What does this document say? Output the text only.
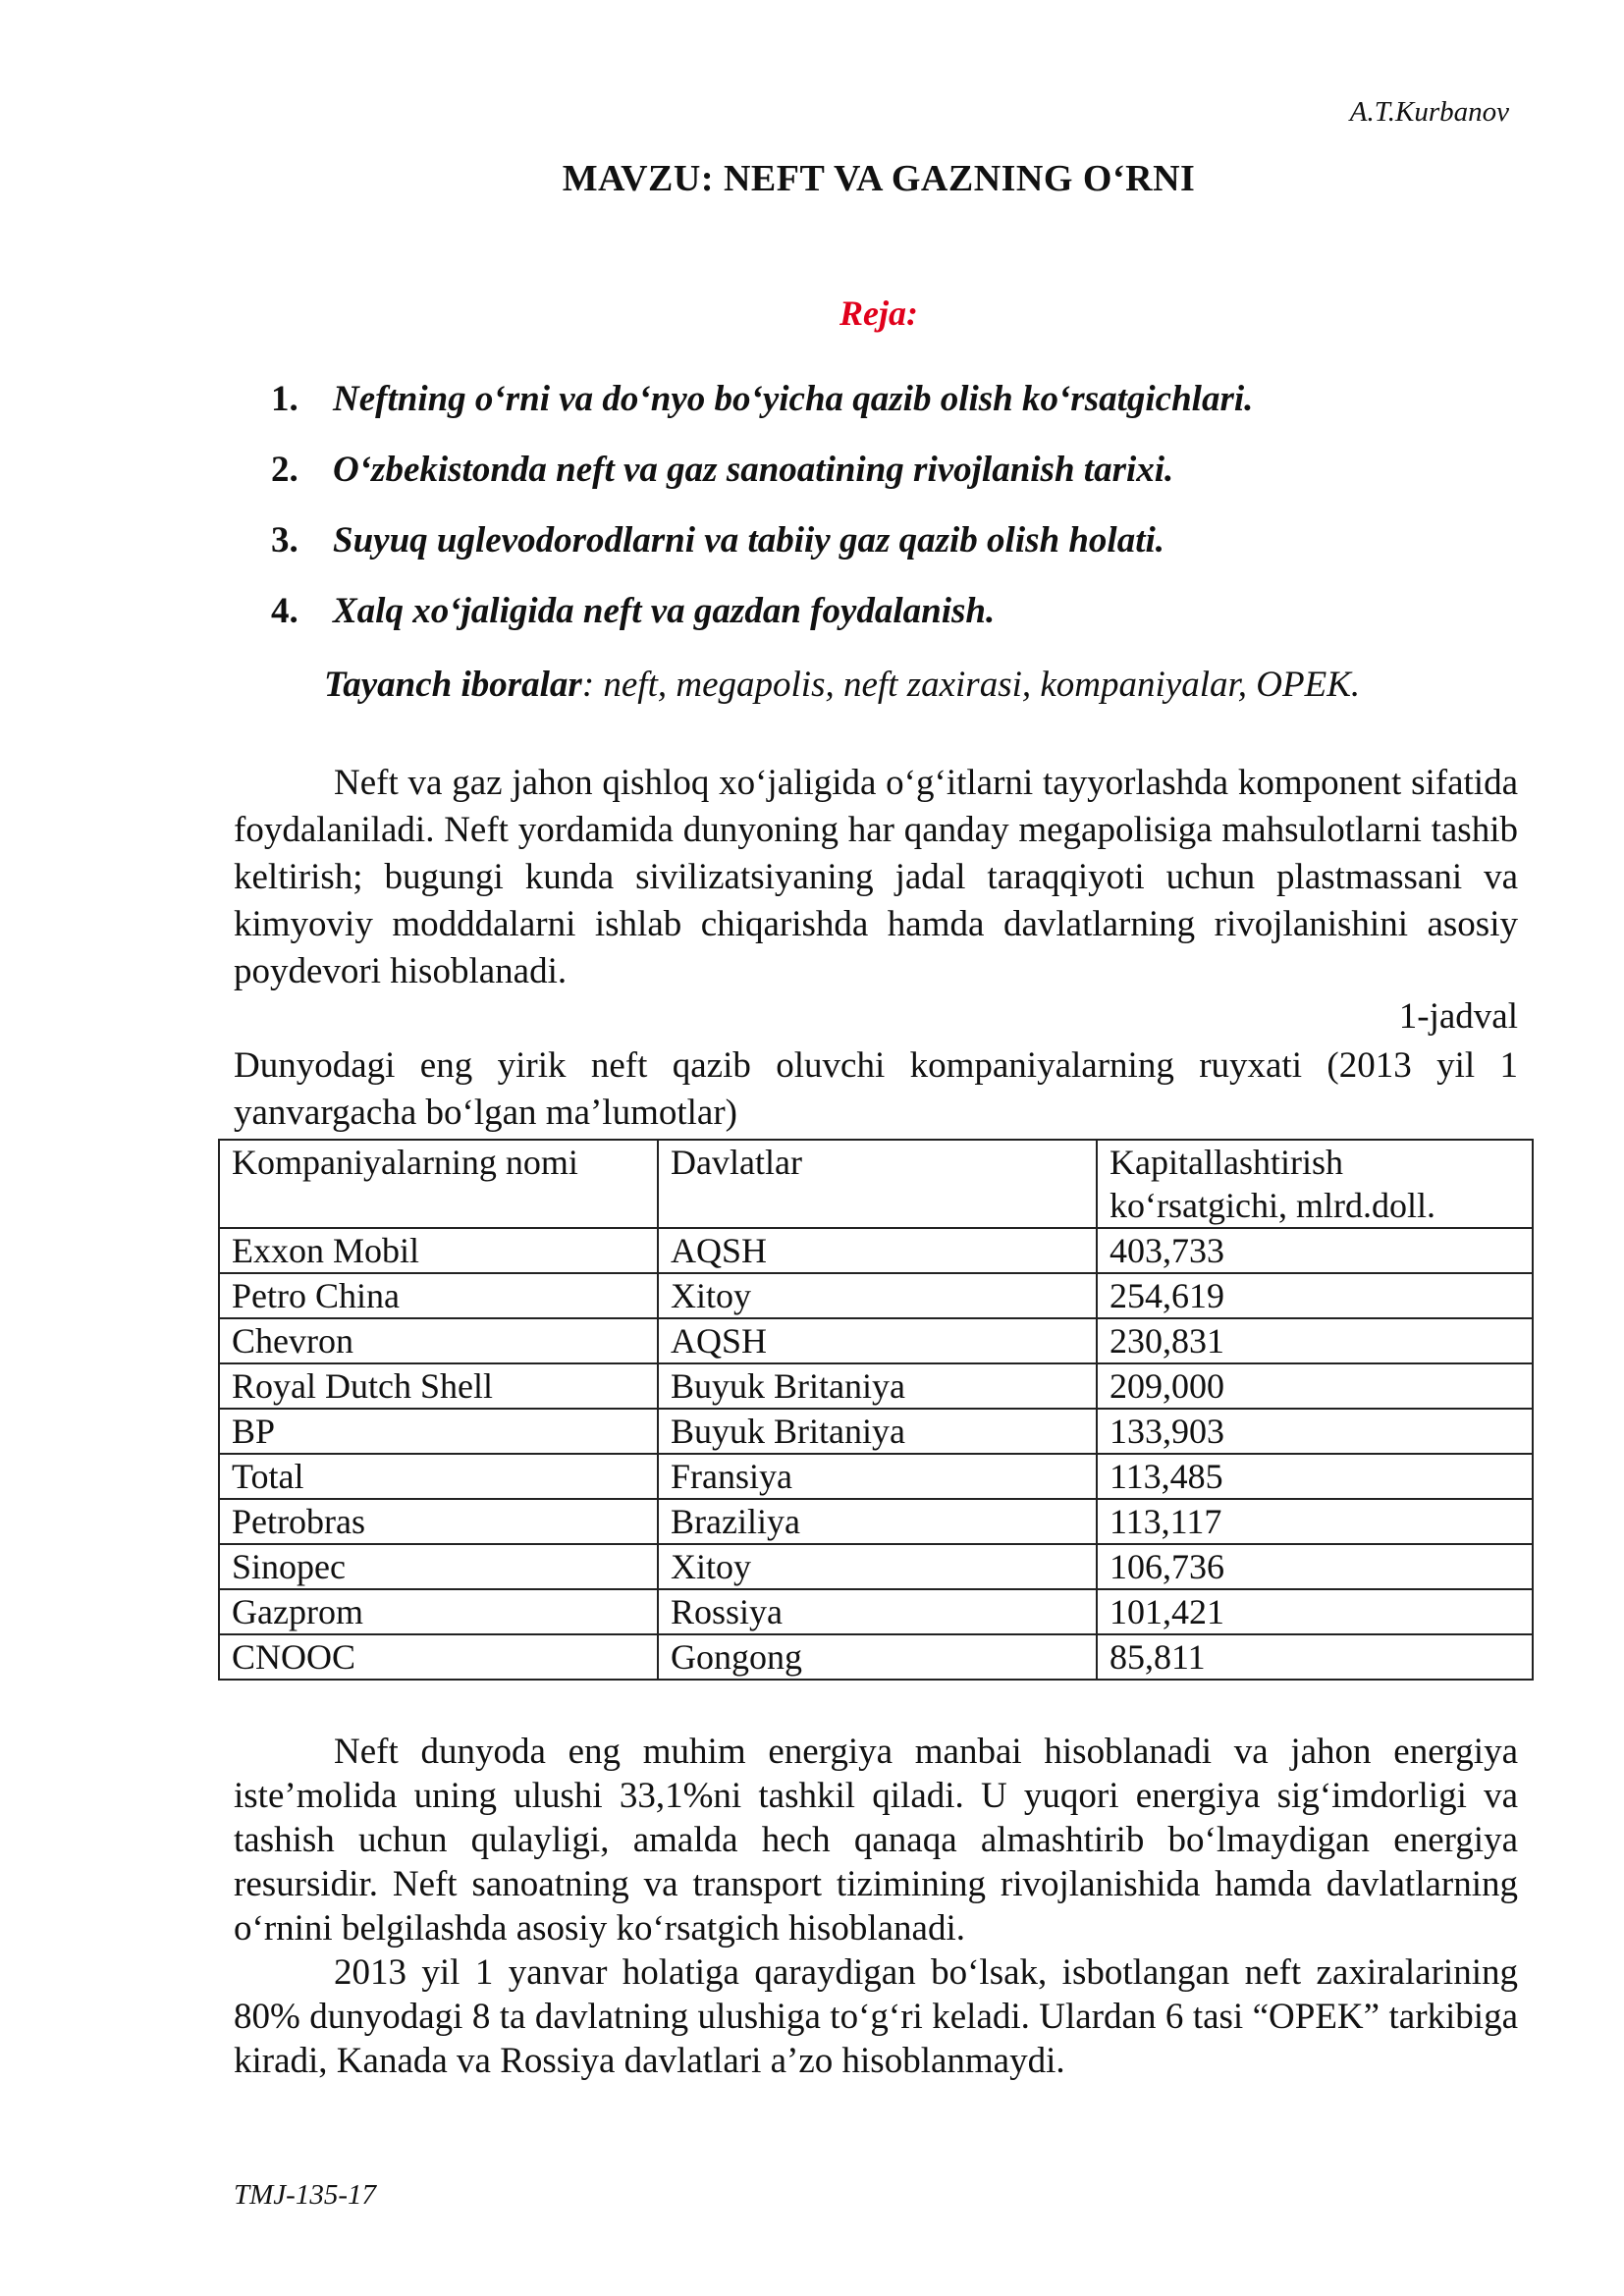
A.T.Kurbanov
MAVZU: NEFT VA GAZNING O‘RNI
Reja:
1. Neftning o‘rni va do‘nyo bo‘yicha qazib olish ko‘rsatgichlari.
2. O‘zbekistonda neft va gaz sanoatining rivojlanish tarixi.
3. Suyuq uglevodorodlarni va tabiiy gaz qazib olish holati.
4. Xalq xo‘jaligida neft va gazdan foydalanish.
Tayanch iboralar: neft, megapolis, neft zaxirasi, kompaniyalar, OPEK.

Neft va gaz jahon qishloq xo‘jaligida o‘g‘itlarni tayyorlashda komponent sifatida foydalaniladi. Neft yordamida dunyoning har qanday megapolisiga mahsulotlarni tashib keltirish; bugungi kunda sivilizatsiyaning jadal taraqqiyoti uchun plastmassani va kimyoviy modddalarni ishlab chiqarishda hamda davlatlarning rivojlanishini asosiy poydevori hisoblanadi.

1-jadval

Dunyodagi eng yirik neft qazib oluvchi kompaniyalarning ruyxati (2013 yil 1 yanvargacha bo‘lgan ma’lumotlar)

Kompaniyalarning nomi	Davlatlar	Kapitallashtirish ko‘rsatgichi, mlrd.doll.
Exxon Mobil	AQSH	403,733
Petro China	Xitoy	254,619
Chevron	AQSH	230,831
Royal Dutch Shell	Buyuk Britaniya	209,000
BP	Buyuk Britaniya	133,903
Total	Fransiya	113,485
Petrobras	Braziliya	113,117
Sinopec	Xitoy	106,736
Gazprom	Rossiya	101,421
CNOOC	Gongong	85,811

Neft dunyoda eng muhim energiya manbai hisoblanadi va jahon energiya iste’molida uning ulushi 33,1%ni tashkil qiladi. U yuqori energiya sig‘imdorligi va tashish uchun qulayligi, amalda hech qanaqa almashtirib bo‘lmaydigan energiya resursidir. Neft sanoatning va transport tizimining rivojlanishida hamda davlatlarning o‘rnini belgilashda asosiy ko‘rsatgich hisoblanadi.

2013 yil 1 yanvar holatiga qaraydigan bo‘lsak, isbotlangan neft zaxiralarining 80% dunyodagi 8 ta davlatning ulushiga to‘g‘ri keladi. Ulardan 6 tasi “OPEK” tarkibiga kiradi, Kanada va Rossiya davlatlari a’zo hisoblanmaydi.

TMJ-135-17
